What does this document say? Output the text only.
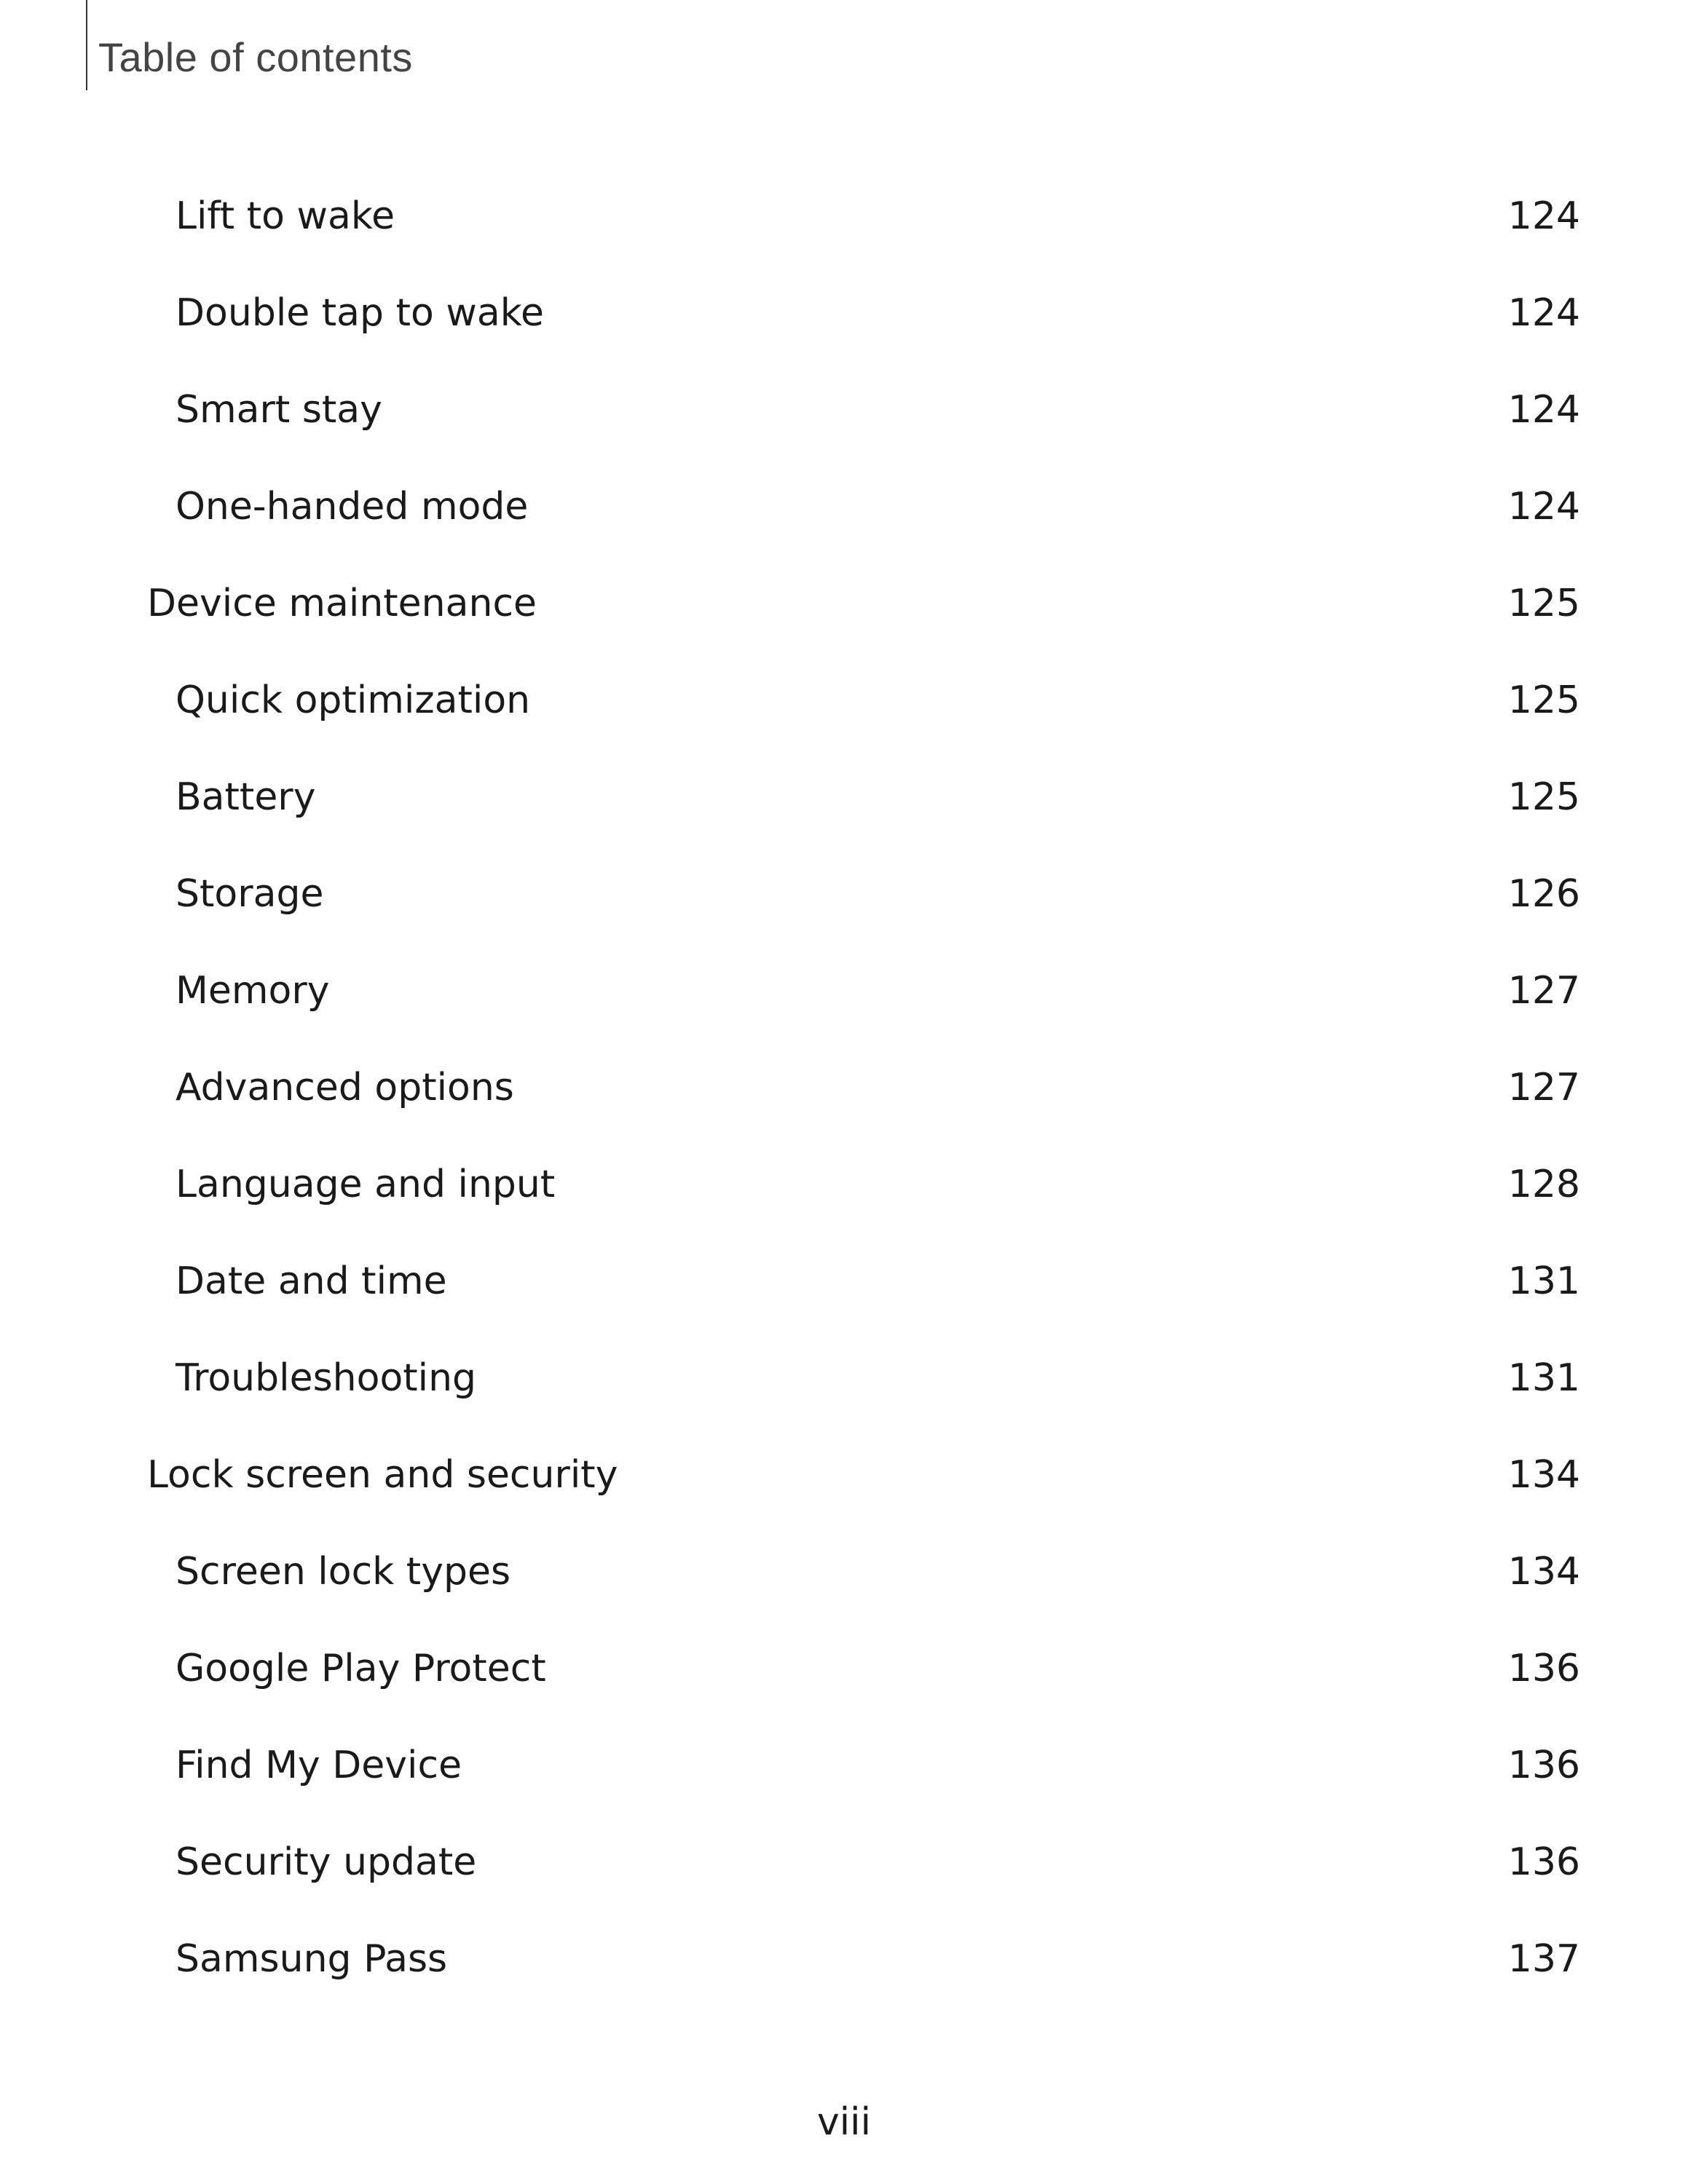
Table of contents
Lift to wake	124
Double tap to wake	124
Smart stay	124
One-handed mode	124
Device maintenance	125
Quick optimization	125
Battery	125
Storage	126
Memory	127
Advanced options	127
Language and input	128
Date and time	131
Troubleshooting	131
Lock screen and security	134
Screen lock types	134
Google Play Protect	136
Find My Device	136
Security update	136
Samsung Pass	137
viii
